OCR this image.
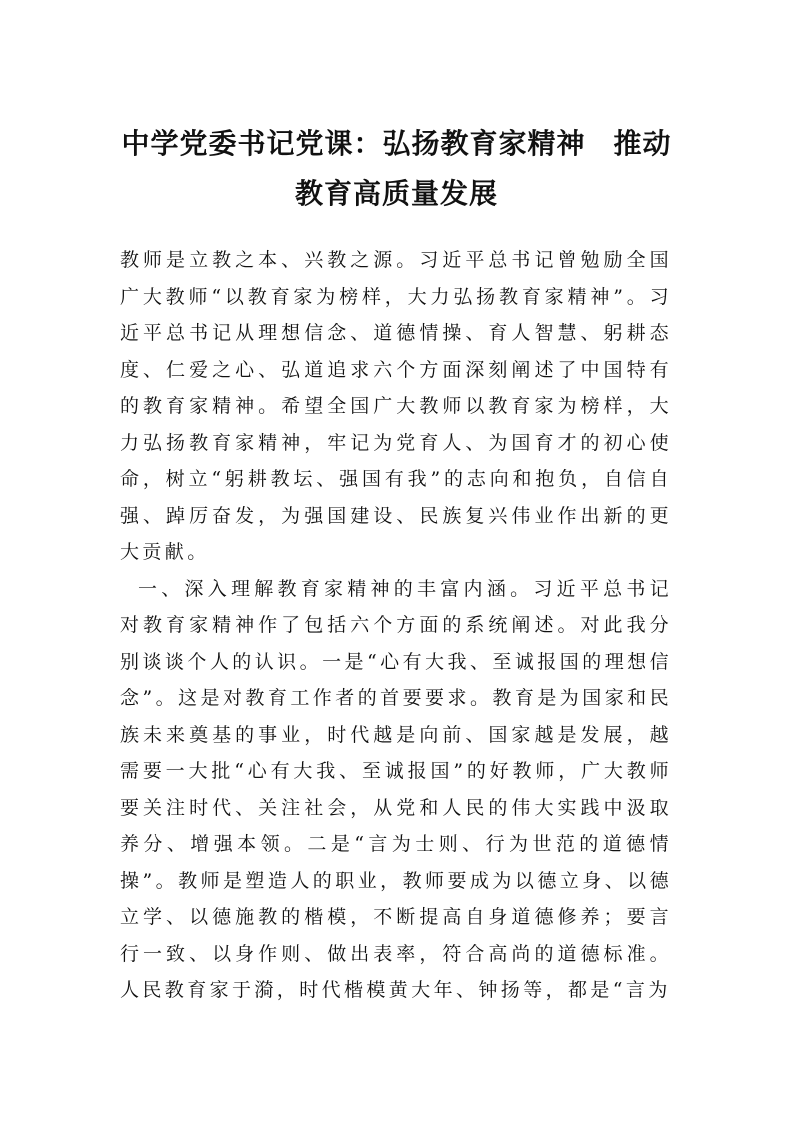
中学党委书记党课：弘扬教育家精神 推动
教育高质量发展

教师是立教之本、兴教之源。习近平总书记曾勉励全国广大教师“以教育家为榜样，大力弘扬教育家精神”。习近平总书记从理想信念、道德情操、育人智慧、躬耕态度、仁爱之心、弘道追求六个方面深刻阐述了中国特有的教育家精神。希望全国广大教师以教育家为榜样，大力弘扬教育家精神，牢记为党育人、为国育才的初心使命，树立“躬耕教坛、强国有我”的志向和抱负，自信自强、踔厉奋发，为强国建设、民族复兴伟业作出新的更大贡献。

一、深入理解教育家精神的丰富内涵。习近平总书记对教育家精神作了包括六个方面的系统阐述。对此我分别谈谈个人的认识。一是“心有大我、至诚报国的理想信念”。这是对教育工作者的首要要求。教育是为国家和民族未来奠基的事业，时代越是向前、国家越是发展，越需要一大批“心有大我、至诚报国”的好教师，广大教师要关注时代、关注社会，从党和人民的伟大实践中汲取养分、增强本领。二是“言为士则、行为世范的道德情操”。教师是塑造人的职业，教师要成为以德立身、以德立学、以德施教的楷模，不断提高自身道德修养；要言行一致、以身作则、做出表率，符合高尚的道德标准。人民教育家于漪，时代楷模黄大年、钟扬等，都是“言为
